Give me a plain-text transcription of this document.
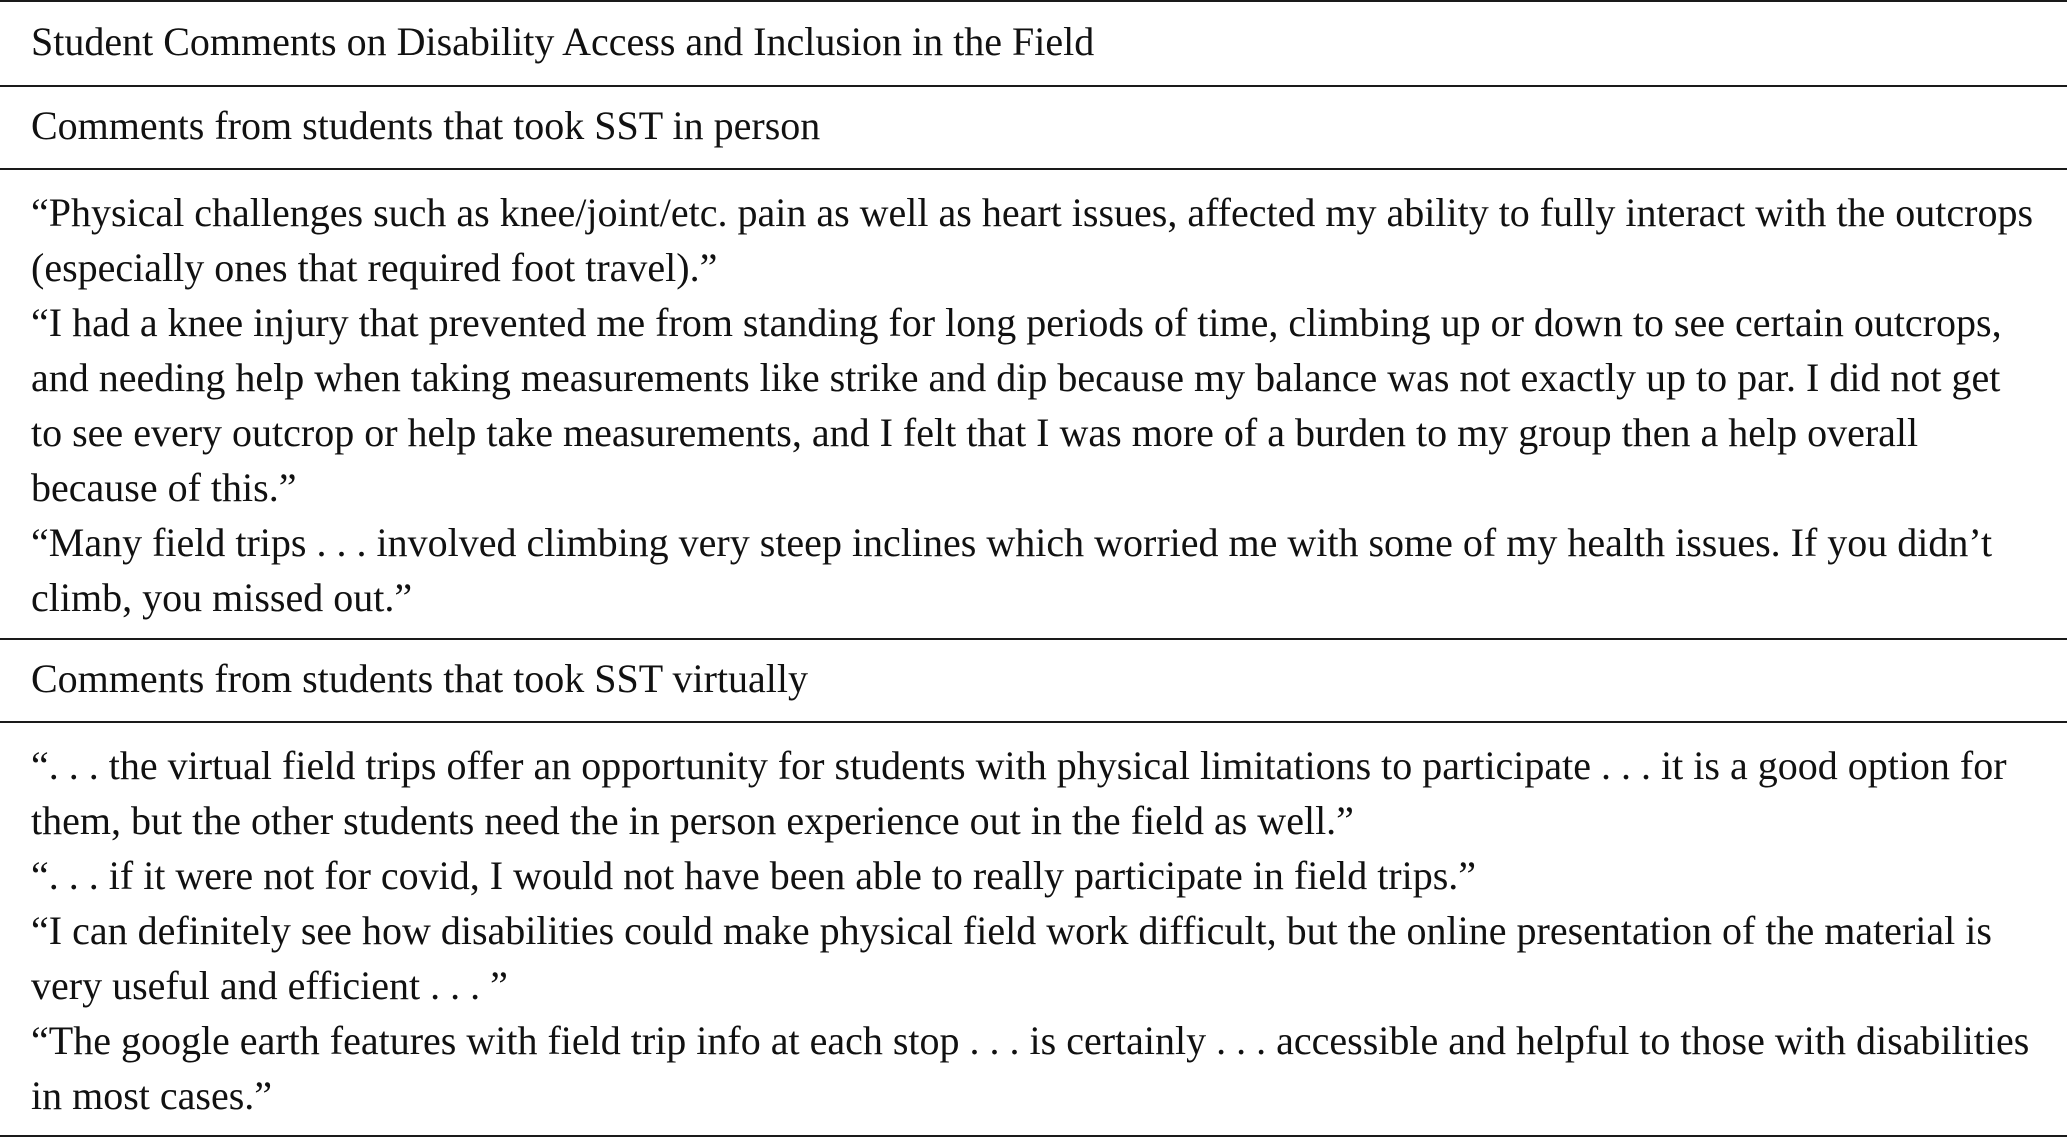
Student Comments on Disability Access and Inclusion in the Field

Comments from students that took SST in person

“Physical challenges such as knee/joint/etc. pain as well as heart issues, affected my ability to fully interact with the outcrops (especially ones that required foot travel).”

“I had a knee injury that prevented me from standing for long periods of time, climbing up or down to see certain outcrops, and needing help when taking measurements like strike and dip because my balance was not exactly up to par. I did not get to see every outcrop or help take measurements, and I felt that I was more of a burden to my group then a help overall because of this.”

“Many field trips . . . involved climbing very steep inclines which worried me with some of my health issues. If you didn’t climb, you missed out.”

Comments from students that took SST virtually

“. . . the virtual field trips offer an opportunity for students with physical limitations to participate . . . it is a good option for them, but the other students need the in person experience out in the field as well.”

“. . . if it were not for covid, I would not have been able to really participate in field trips.”

“I can definitely see how disabilities could make physical field work difficult, but the online presentation of the material is very useful and efficient . . . ”

“The google earth features with field trip info at each stop . . . is certainly . . . accessible and helpful to those with disabilities in most cases.”
